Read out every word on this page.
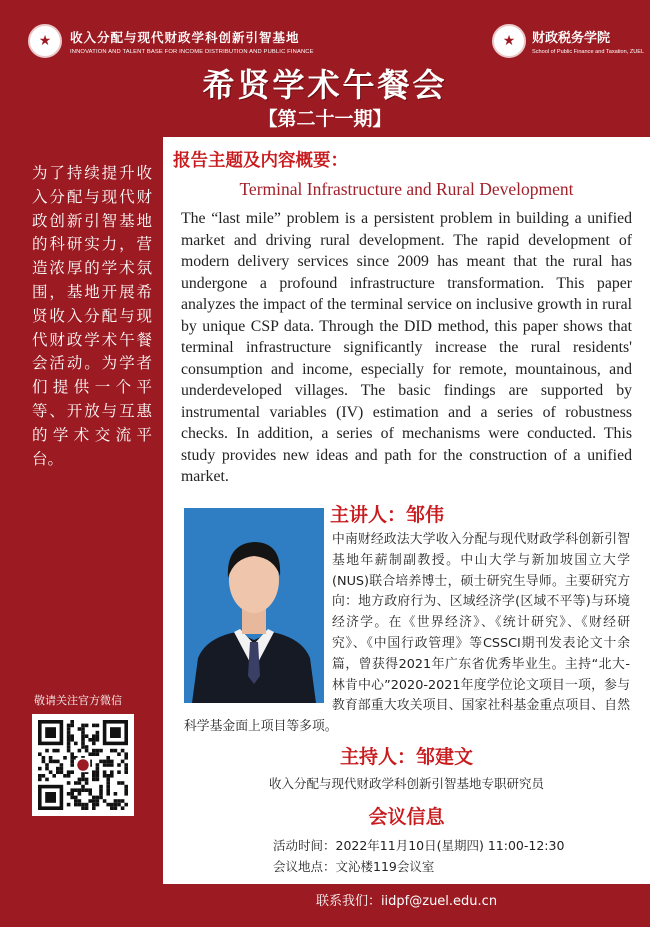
★	收入分配与现代财政学科创新引智基地
INNOVATION AND TALENT BASE FOR INCOME DISTRIBUTION AND PUBLIC FINANCE
★	财政税务学院
School of Public Finance and Taxation, ZUEL
希贤学术午餐会
【第二十一期】
为了持续提升收入分配与现代财政创新引智基地的科研实力，营造浓厚的学术氛围，基地开展希贤收入分配与现代财政学术午餐会活动。为学者们提供一个平等、开放与互惠的学术交流平台。
敬请关注官方微信
报告主题及内容概要：
Terminal Infrastructure and Rural Development

The “last mile” problem is a persistent problem in building a unified market and driving rural development. The rapid development of modern delivery services since 2009 has meant that the rural has undergone a profound infrastructure transformation. This paper analyzes the impact of the terminal service on inclusive growth in rural by unique CSP data. Through the DID method, this paper shows that terminal infrastructure significantly increase the rural residents' consumption and income, especially for remote, mountainous, and underdeveloped villages. The basic findings are supported by instrumental variables (IV) estimation and a series of robustness checks. In addition, a series of mechanisms were conducted. This study provides new ideas and path for the construction of a unified market.

主讲人：邹伟
中南财经政法大学收入分配与现代财政学科创新引智基地年薪制副教授。中山大学与新加坡国立大学(NUS)联合培养博士，硕士研究生导师。主要研究方向：地方政府行为、区域经济学(区域不平等)与环境经济学。在《世界经济》、《统计研究》、《财经研究》、《中国行政管理》等CSSCI期刊发表论文十余篇，曾获得2021年广东省优秀毕业生。主持“北大-林肯中心”2020-2021年度学位论文项目一项，参与教育部重大攻关项目、国家社科基金重点项目、自然科学基金面上项目等多项。
主持人：邹建文
收入分配与现代财政学科创新引智基地专职研究员
会议信息
活动时间：2022年11月10日(星期四) 11:00-12:30
会议地点：文沁楼119会议室
联系我们：iidpf@zuel.edu.cn
